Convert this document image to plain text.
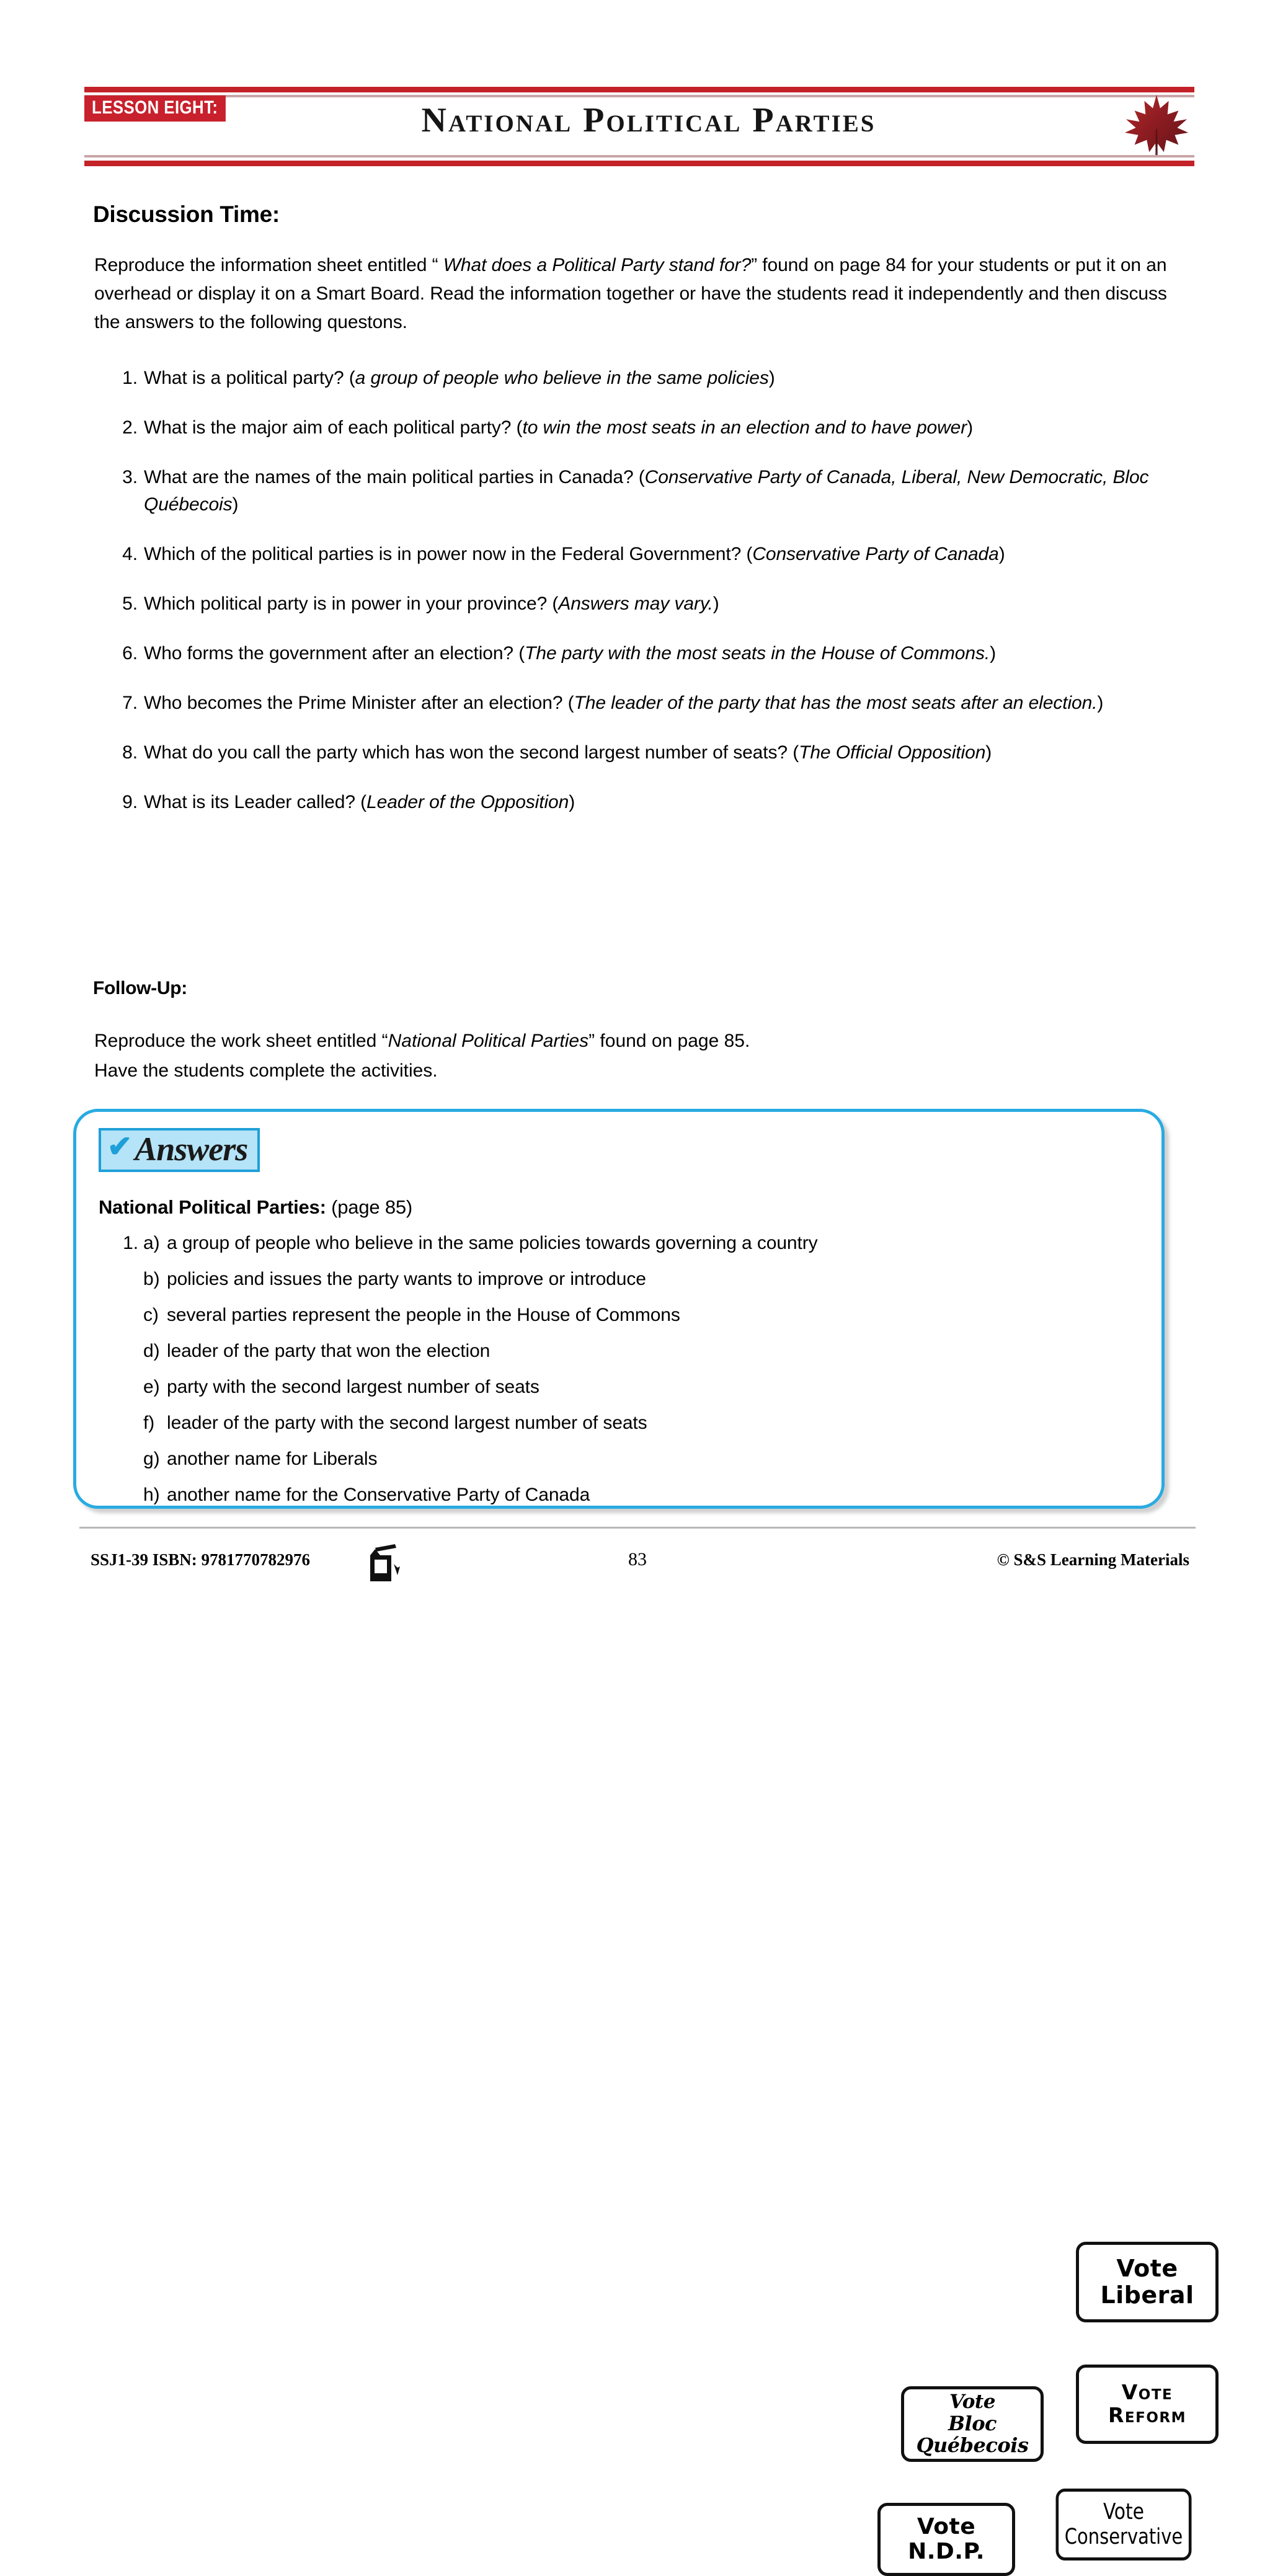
LESSON EIGHT:	National Political Parties
Discussion Time:
Reproduce the information sheet entitled “ What does a Political Party stand for?” found on page 84 for your students or put it on an overhead or display it on a Smart Board. Read the information together or have the students read it independently and then discuss the answers to the following questons.
1. What is a political party? (a group of people who believe in the same policies)
2. What is the major aim of each political party? (to win the most seats in an election and to have power)
3. What are the names of the main political parties in Canada? (Conservative Party of Canada, Liberal, New Democratic, Bloc Québecois)
4. Which of the political parties is in power now in the Federal Government? (Conservative Party of Canada)
5. Which political party is in power in your province? (Answers may vary.)
6. Who forms the government after an election? (The party with the most seats in the House of Commons.)
7. Who becomes the Prime Minister after an election? (The leader of the party that has the most seats after an election.)
8. What do you call the party which has won the second largest number of seats? (The Official Opposition)
9. What is its Leader called? (Leader of the Opposition)
Follow-Up:
Reproduce the work sheet entitled “National Political Parties” found on page 85.
Have the students complete the activities.
✔ Answers
National Political Parties: (page 85)
1. a) a group of people who believe in the same policies towards governing a country
b) policies and issues the party wants to improve or introduce
c) several parties represent the people in the House of Commons
d) leader of the party that won the election
e) party with the second largest number of seats
f) leader of the party with the second largest number of seats
g) another name for Liberals
h) another name for the Conservative Party of Canada
Vote
Liberal
Vote
Reform
Vote
Bloc Québecois
Vote
N.D.P.
Vote
Conservative
SSJ1-39 ISBN: 9781770782976	83	© S&S Learning Materials
